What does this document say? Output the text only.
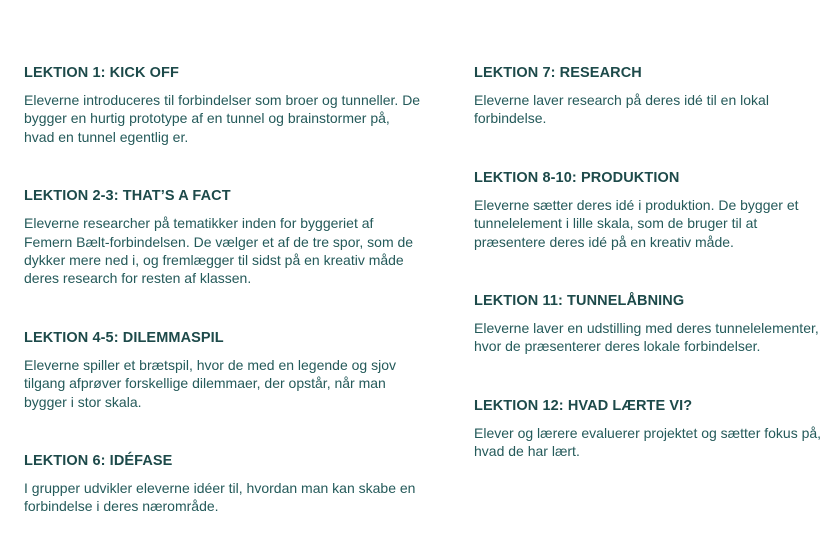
LEKTION 1: KICK OFF

Eleverne introduceres til forbindelser som broer og tunneller. De bygger en hurtig prototype af en tunnel og brainstormer på, hvad en tunnel egentlig er.

LEKTION 2-3: THAT’S A FACT

Eleverne researcher på tematikker inden for byggeriet af Femern Bælt-forbindelsen. De vælger et af de tre spor, som de dykker mere ned i, og fremlægger til sidst på en kreativ måde deres research for resten af klassen.

LEKTION 4-5: DILEMMASPIL

Eleverne spiller et brætspil, hvor de med en legende og sjov tilgang afprøver forskellige dilemmaer, der opstår, når man bygger i stor skala.

LEKTION 6: IDÉFASE

I grupper udvikler eleverne idéer til, hvordan man kan skabe en forbindelse i deres nærområde.

LEKTION 7: RESEARCH

Eleverne laver research på deres idé til en lokal forbindelse.

LEKTION 8-10: PRODUKTION

Eleverne sætter deres idé i produktion. De bygger et tunnelelement i lille skala, som de bruger til at præsentere deres idé på en kreativ måde.

LEKTION 11: TUNNELÅBNING

Eleverne laver en udstilling med deres tunnelelementer, hvor de præsenterer deres lokale forbindelser.

LEKTION 12: HVAD LÆRTE VI?

Elever og lærere evaluerer projektet og sætter fokus på, hvad de har lært.
